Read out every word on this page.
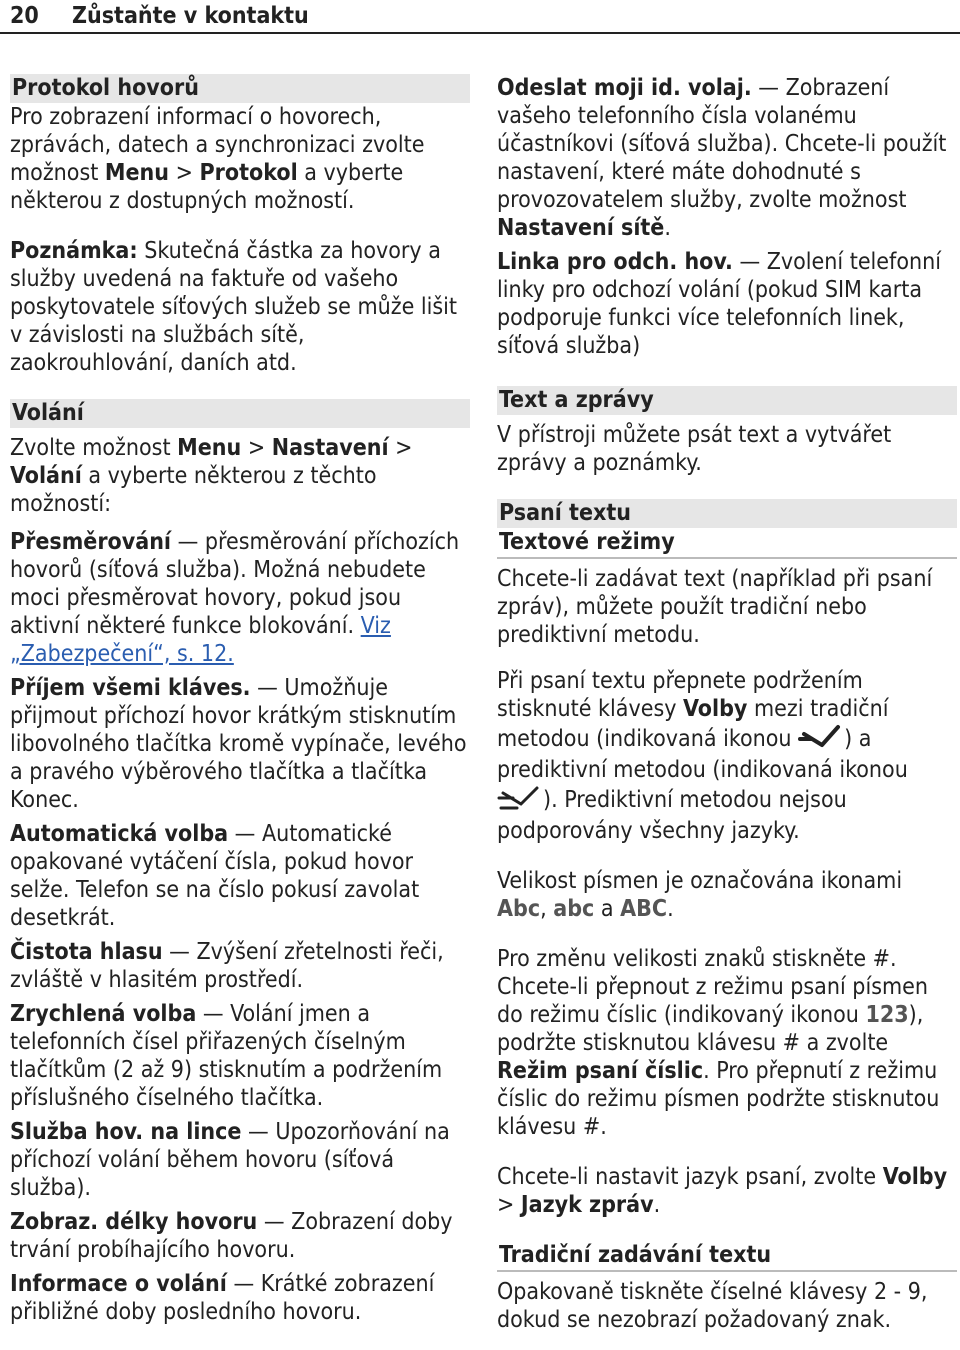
20 Zůstaňte v kontaktu
Protokol hovorů

Pro zobrazení informací o hovorech, zprávách, datech a synchronizaci zvolte možnost Menu > Protokol a vyberte některou z dostupných možností.

Poznámka: Skutečná částka za hovory a služby uvedená na faktuře od vašeho poskytovatele síťových služeb se může lišit v závislosti na službách sítě, zaokrouhlování, daních atd.

Volání

Zvolte možnost Menu > Nastavení > Volání a vyberte některou z těchto možností:

Přesměrování — přesměrování příchozích hovorů (síťová služba). Možná nebudete moci přesměrovat hovory, pokud jsou aktivní některé funkce blokování. Viz „Zabezpečení“, s. 12.

Příjem všemi kláves. — Umožňuje přijmout příchozí hovor krátkým stisknutím libovolného tlačítka kromě vypínače, levého a pravého výběrového tlačítka a tlačítka Konec.

Automatická volba — Automatické opakované vytáčení čísla, pokud hovor selže. Telefon se na číslo pokusí zavolat desetkrát.

Čistota hlasu — Zvýšení zřetelnosti řeči, zvláště v hlasitém prostředí.

Zrychlená volba — Volání jmen a telefonních čísel přiřazených číselným tlačítkům (2 až 9) stisknutím a podržením příslušného číselného tlačítka.

Služba hov. na lince — Upozorňování na příchozí volání během hovoru (síťová služba).

Zobraz. délky hovoru — Zobrazení doby trvání probíhajícího hovoru.

Informace o volání — Krátké zobrazení přibližné doby posledního hovoru.

Odeslat moji id. volaj. — Zobrazení vašeho telefonního čísla volanému účastníkovi (síťová služba). Chcete-li použít nastavení, které máte dohodnuté s provozovatelem služby, zvolte možnost Nastavení sítě.

Linka pro odch. hov. — Zvolení telefonní linky pro odchozí volání (pokud SIM karta podporuje funkci více telefonních linek, síťová služba)

Text a zprávy

V přístroji můžete psát text a vytvářet zprávy a poznámky.

Psaní textu
Textové režimy

Chcete-li zadávat text (například při psaní zpráv), můžete použít tradiční nebo prediktivní metodu.

Při psaní textu přepnete podržením stisknuté klávesy Volby mezi tradiční metodou (indikovaná ikonou ) a prediktivní metodou (indikovaná ikonou ). Prediktivní metodou nejsou podporovány všechny jazyky.

Velikost písmen je označována ikonami Abc, abc a ABC.

Pro změnu velikosti znaků stiskněte #. Chcete-li přepnout z režimu psaní písmen do režimu číslic (indikovaný ikonou 123), podržte stisknutou klávesu # a zvolte Režim psaní číslic. Pro přepnutí z režimu číslic do režimu písmen podržte stisknutou klávesu #.

Chcete-li nastavit jazyk psaní, zvolte Volby > Jazyk zpráv.

Tradiční zadávání textu

Opakovaně tiskněte číselné klávesy 2 - 9, dokud se nezobrazí požadovaný znak.
